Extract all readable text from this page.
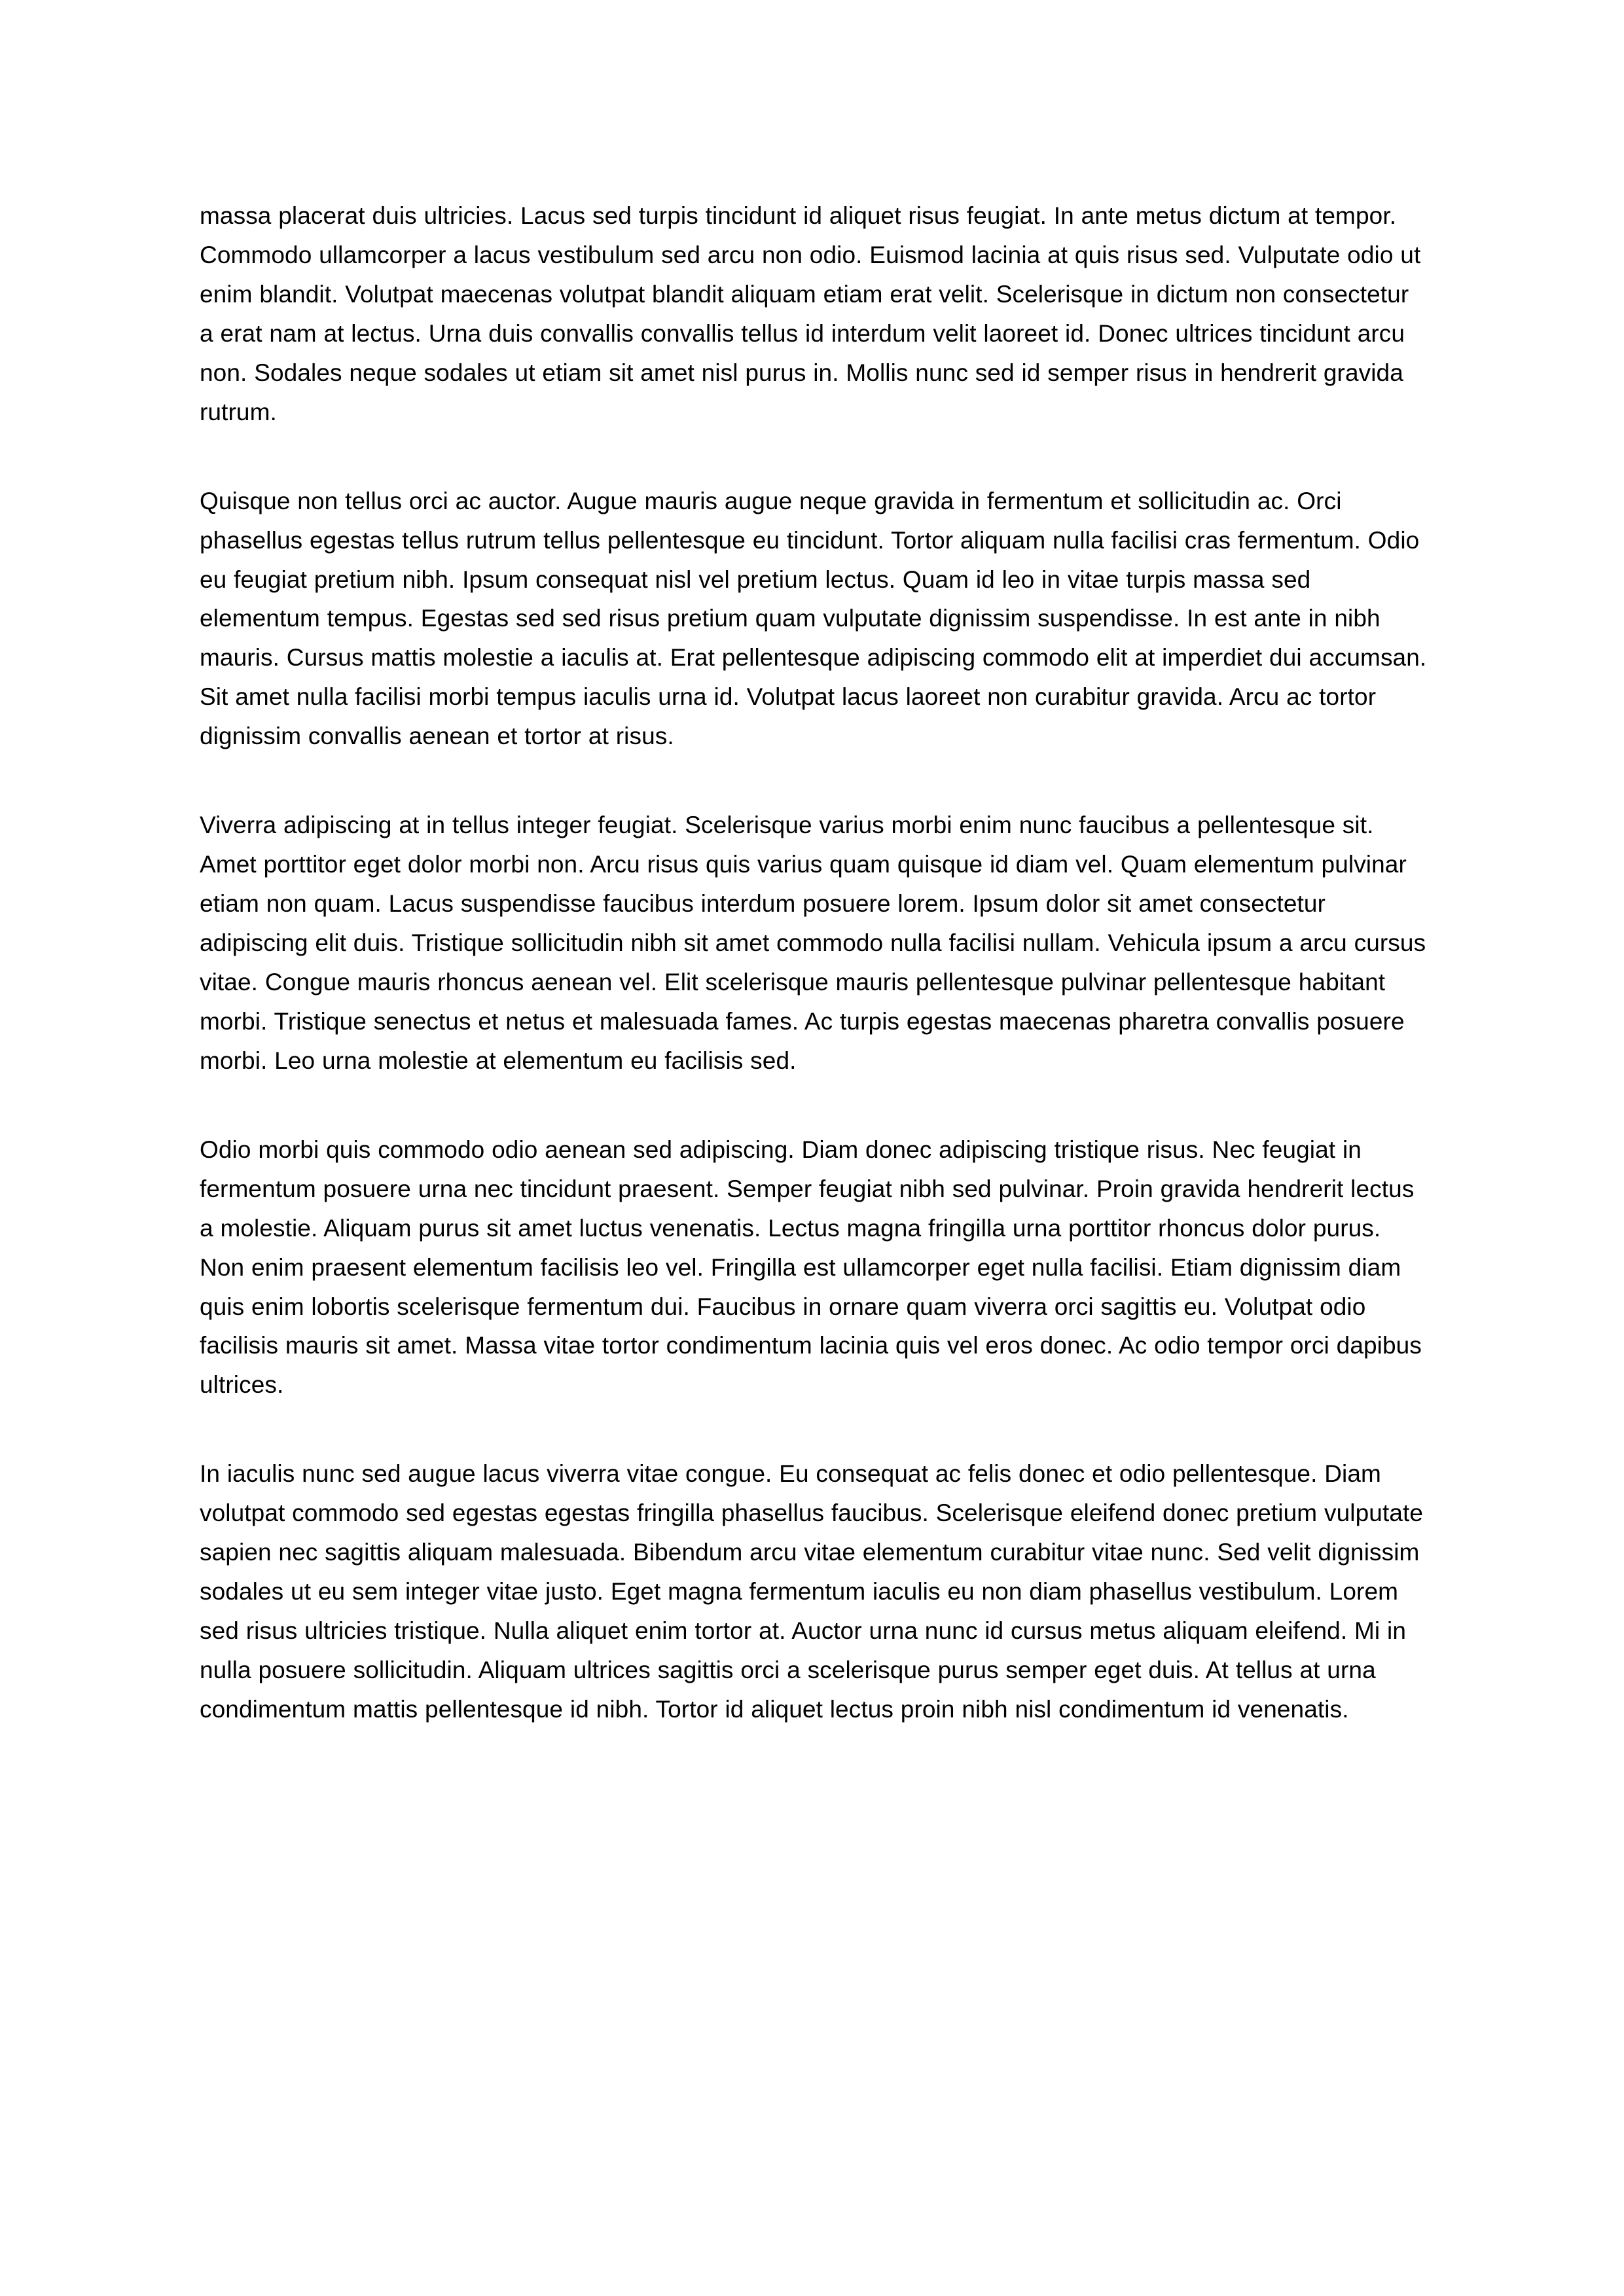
massa placerat duis ultricies. Lacus sed turpis tincidunt id aliquet risus feugiat. In ante metus dictum at tempor. Commodo ullamcorper a lacus vestibulum sed arcu non odio. Euismod lacinia at quis risus sed. Vulputate odio ut enim blandit. Volutpat maecenas volutpat blandit aliquam etiam erat velit. Scelerisque in dictum non consectetur a erat nam at lectus. Urna duis convallis convallis tellus id interdum velit laoreet id. Donec ultrices tincidunt arcu non. Sodales neque sodales ut etiam sit amet nisl purus in. Mollis nunc sed id semper risus in hendrerit gravida rutrum.

Quisque non tellus orci ac auctor. Augue mauris augue neque gravida in fermentum et sollicitudin ac. Orci phasellus egestas tellus rutrum tellus pellentesque eu tincidunt. Tortor aliquam nulla facilisi cras fermentum. Odio eu feugiat pretium nibh. Ipsum consequat nisl vel pretium lectus. Quam id leo in vitae turpis massa sed elementum tempus. Egestas sed sed risus pretium quam vulputate dignissim suspendisse. In est ante in nibh mauris. Cursus mattis molestie a iaculis at. Erat pellentesque adipiscing commodo elit at imperdiet dui accumsan. Sit amet nulla facilisi morbi tempus iaculis urna id. Volutpat lacus laoreet non curabitur gravida. Arcu ac tortor dignissim convallis aenean et tortor at risus.

Viverra adipiscing at in tellus integer feugiat. Scelerisque varius morbi enim nunc faucibus a pellentesque sit. Amet porttitor eget dolor morbi non. Arcu risus quis varius quam quisque id diam vel. Quam elementum pulvinar etiam non quam. Lacus suspendisse faucibus interdum posuere lorem. Ipsum dolor sit amet consectetur adipiscing elit duis. Tristique sollicitudin nibh sit amet commodo nulla facilisi nullam. Vehicula ipsum a arcu cursus vitae. Congue mauris rhoncus aenean vel. Elit scelerisque mauris pellentesque pulvinar pellentesque habitant morbi. Tristique senectus et netus et malesuada fames. Ac turpis egestas maecenas pharetra convallis posuere morbi. Leo urna molestie at elementum eu facilisis sed.

Odio morbi quis commodo odio aenean sed adipiscing. Diam donec adipiscing tristique risus. Nec feugiat in fermentum posuere urna nec tincidunt praesent. Semper feugiat nibh sed pulvinar. Proin gravida hendrerit lectus a molestie. Aliquam purus sit amet luctus venenatis. Lectus magna fringilla urna porttitor rhoncus dolor purus. Non enim praesent elementum facilisis leo vel. Fringilla est ullamcorper eget nulla facilisi. Etiam dignissim diam quis enim lobortis scelerisque fermentum dui. Faucibus in ornare quam viverra orci sagittis eu. Volutpat odio facilisis mauris sit amet. Massa vitae tortor condimentum lacinia quis vel eros donec. Ac odio tempor orci dapibus ultrices.

In iaculis nunc sed augue lacus viverra vitae congue. Eu consequat ac felis donec et odio pellentesque. Diam volutpat commodo sed egestas egestas fringilla phasellus faucibus. Scelerisque eleifend donec pretium vulputate sapien nec sagittis aliquam malesuada. Bibendum arcu vitae elementum curabitur vitae nunc. Sed velit dignissim sodales ut eu sem integer vitae justo. Eget magna fermentum iaculis eu non diam phasellus vestibulum. Lorem sed risus ultricies tristique. Nulla aliquet enim tortor at. Auctor urna nunc id cursus metus aliquam eleifend. Mi in nulla posuere sollicitudin. Aliquam ultrices sagittis orci a scelerisque purus semper eget duis. At tellus at urna condimentum mattis pellentesque id nibh. Tortor id aliquet lectus proin nibh nisl condimentum id venenatis.
